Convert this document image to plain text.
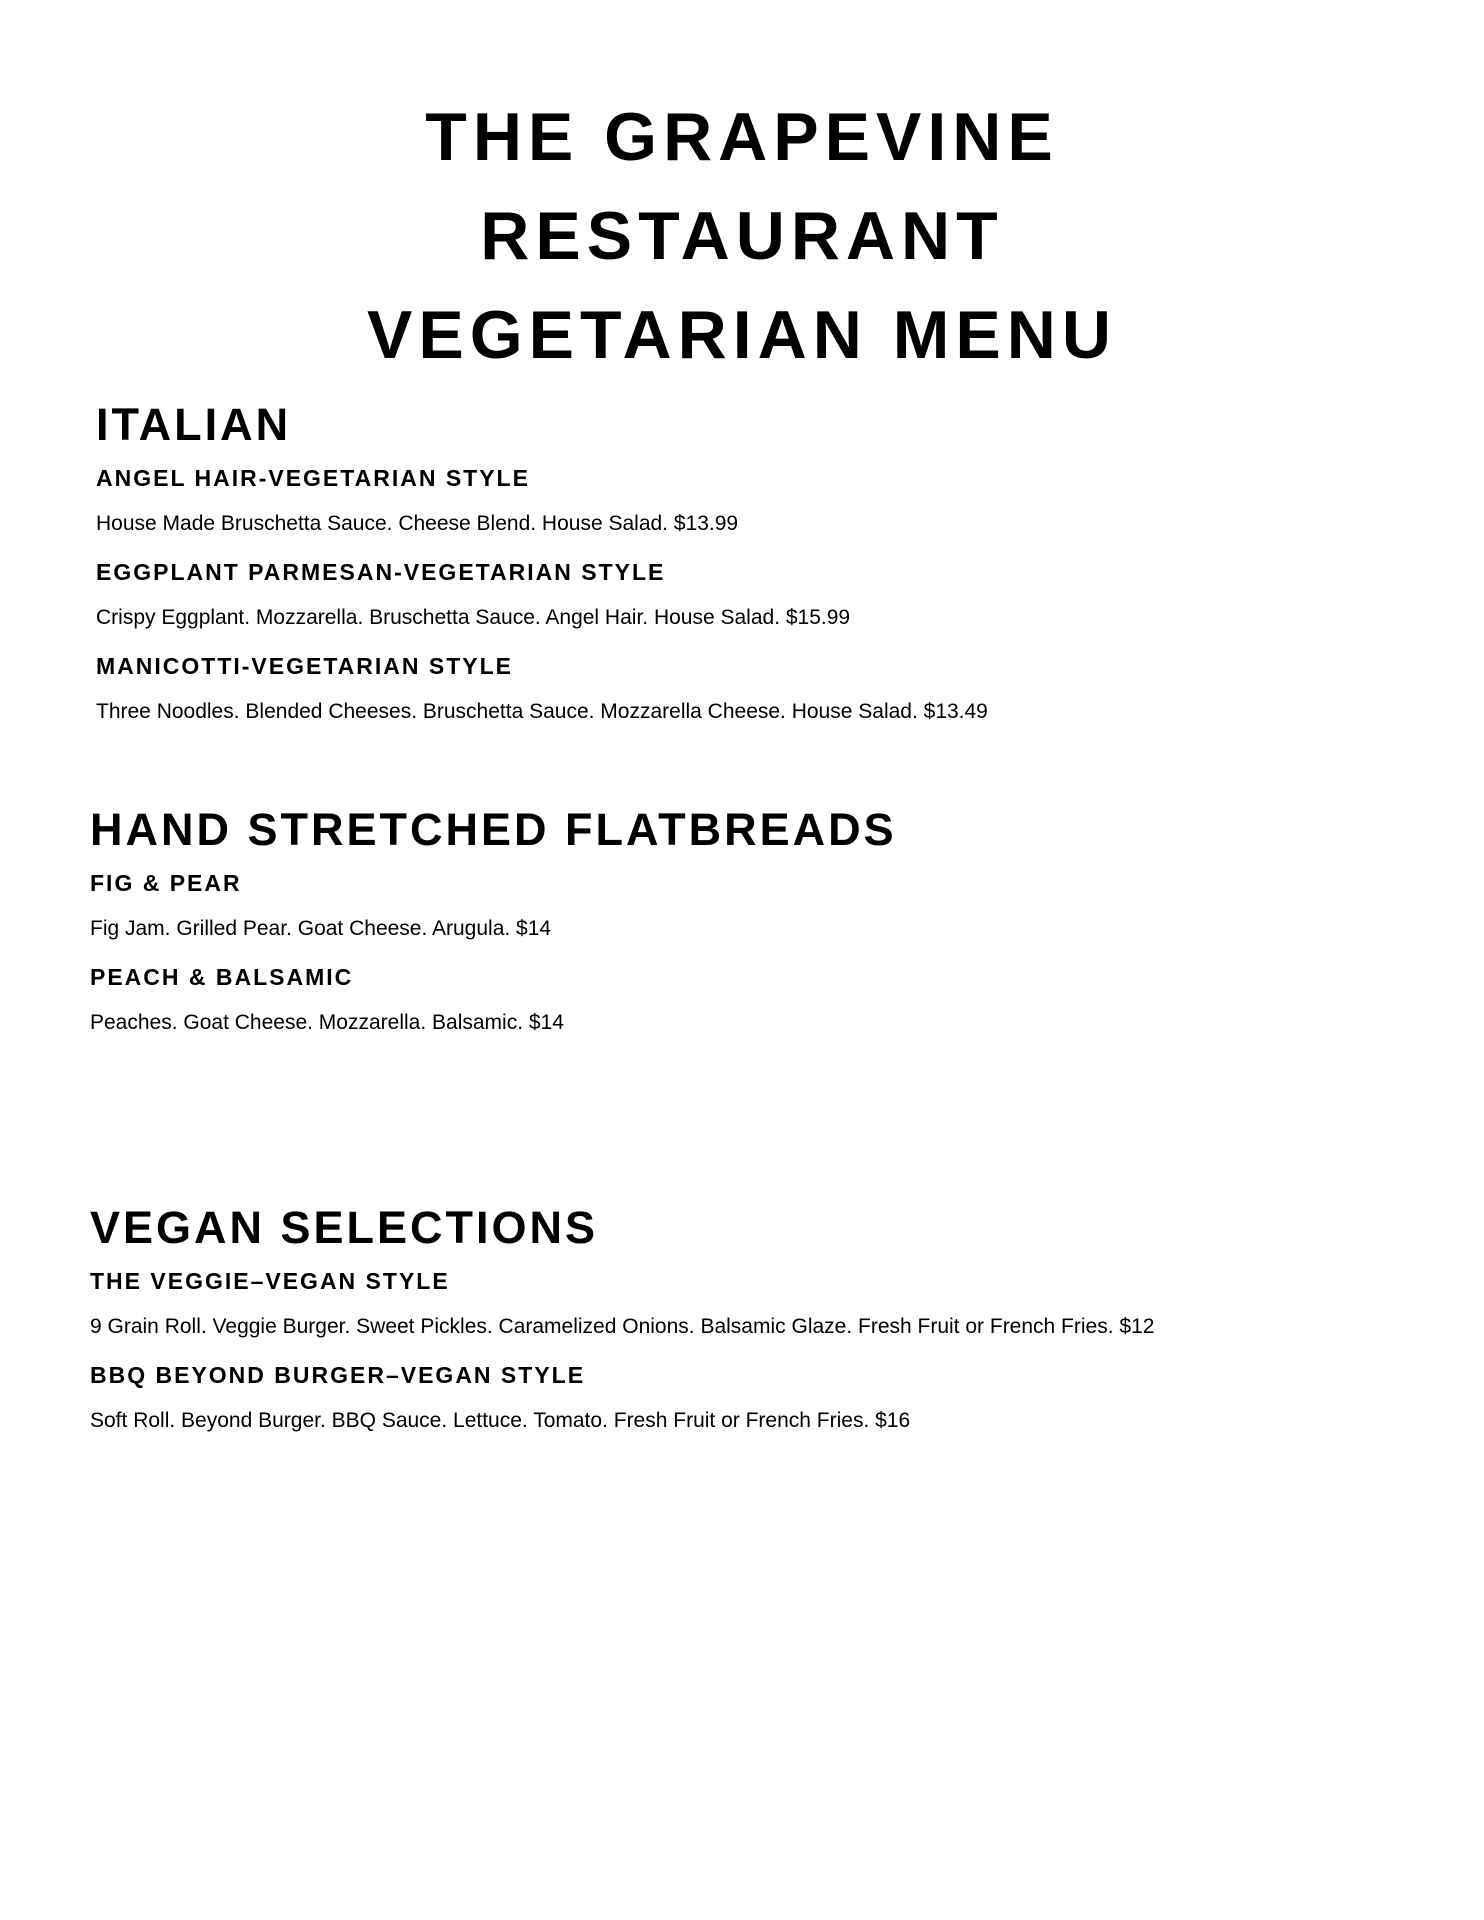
THE GRAPEVINE
RESTAURANT
VEGETARIAN MENU
ITALIAN

ANGEL HAIR-VEGETARIAN STYLE

House Made Bruschetta Sauce. Cheese Blend. House Salad. $13.99

EGGPLANT PARMESAN-VEGETARIAN STYLE

Crispy Eggplant. Mozzarella. Bruschetta Sauce. Angel Hair. House Salad. $15.99

MANICOTTI-VEGETARIAN STYLE

Three Noodles. Blended Cheeses. Bruschetta Sauce. Mozzarella Cheese. House Salad. $13.49

HAND STRETCHED FLATBREADS

FIG & PEAR

Fig Jam. Grilled Pear. Goat Cheese. Arugula. $14

PEACH & BALSAMIC

Peaches. Goat Cheese. Mozzarella. Balsamic. $14

VEGAN SELECTIONS

THE VEGGIE–VEGAN STYLE

9 Grain Roll. Veggie Burger. Sweet Pickles. Caramelized Onions. Balsamic Glaze. Fresh Fruit or French Fries. $12

BBQ BEYOND BURGER–VEGAN STYLE

Soft Roll. Beyond Burger. BBQ Sauce. Lettuce. Tomato. Fresh Fruit or French Fries. $16
